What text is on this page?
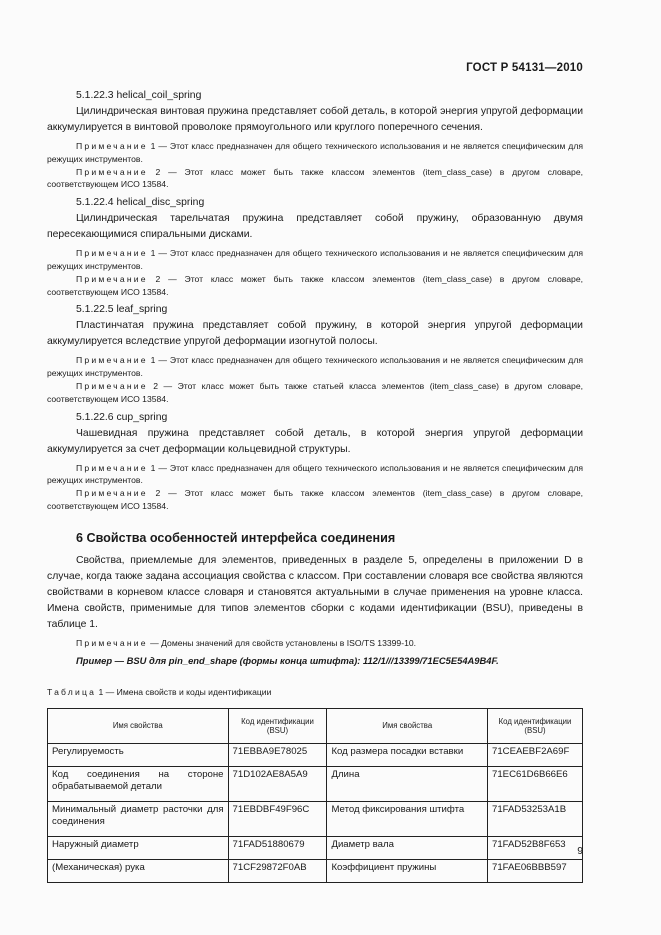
ГОСТ Р 54131—2010

5.1.22.3 helical_coil_spring

Цилиндрическая винтовая пружина представляет собой деталь, в которой энергия упругой деформации аккумулируется в винтовой проволоке прямоугольного или круглого поперечного сечения.

Примечание 1 — Этот класс предназначен для общего технического использования и не является специфическим для режущих инструментов.

Примечание 2 — Этот класс может быть также классом элементов (item_class_case) в другом словаре, соответствующем ИСО 13584.

5.1.22.4 helical_disc_spring

Цилиндрическая тарельчатая пружина представляет собой пружину, образованную двумя пересекающимися спиральными дисками.

Примечание 1 — Этот класс предназначен для общего технического использования и не является специфическим для режущих инструментов.

Примечание 2 — Этот класс может быть также классом элементов (item_class_case) в другом словаре, соответствующем ИСО 13584.

5.1.22.5 leaf_spring

Пластинчатая пружина представляет собой пружину, в которой энергия упругой деформации аккумулируется вследствие упругой деформации изогнутой полосы.

Примечание 1 — Этот класс предназначен для общего технического использования и не является специфическим для режущих инструментов.

Примечание 2 — Этот класс может быть также статьей класса элементов (item_class_case) в другом словаре, соответствующем ИСО 13584.

5.1.22.6 cup_spring

Чашевидная пружина представляет собой деталь, в которой энергия упругой деформации аккумулируется за счет деформации кольцевидной структуры.

Примечание 1 — Этот класс предназначен для общего технического использования и не является специфическим для режущих инструментов.

Примечание 2 — Этот класс может быть также классом элементов (item_class_case) в другом словаре, соответствующем ИСО 13584.

6 Свойства особенностей интерфейса соединения

Свойства, приемлемые для элементов, приведенных в разделе 5, определены в приложении D в случае, когда также задана ассоциация свойства с классом. При составлении словаря все свойства являются свойствами в корневом классе словаря и становятся актуальными в случае применения на уровне класса. Имена свойств, применимые для типов элементов сборки с кодами идентификации (BSU), приведены в таблице 1.

Примечание — Домены значений для свойств установлены в ISO/TS 13399-10.

Пример — BSU для pin_end_shape (формы конца штифта): 112/1///13399/71EC5E54A9B4F.

Таблица 1 — Имена свойств и коды идентификации

Имя свойства	Код идентификации (BSU)	Имя свойства	Код идентификации (BSU)
Регулируемость	71EBBA9E78025	Код размера посадки вставки	71CEAEBF2A69F
Код соединения на стороне обрабатываемой детали	71D102AE8A5A9	Длина	71EC61D6B66E6
Минимальный диаметр расточки для соединения	71EBDBF49F96C	Метод фиксирования штифта	71FAD53253A1B
Наружный диаметр	71FAD51880679	Диаметр вала	71FAD52B8F653
(Механическая) рука	71CF29872F0AB	Коэффициент пружины	71FAE06BBB597
9
